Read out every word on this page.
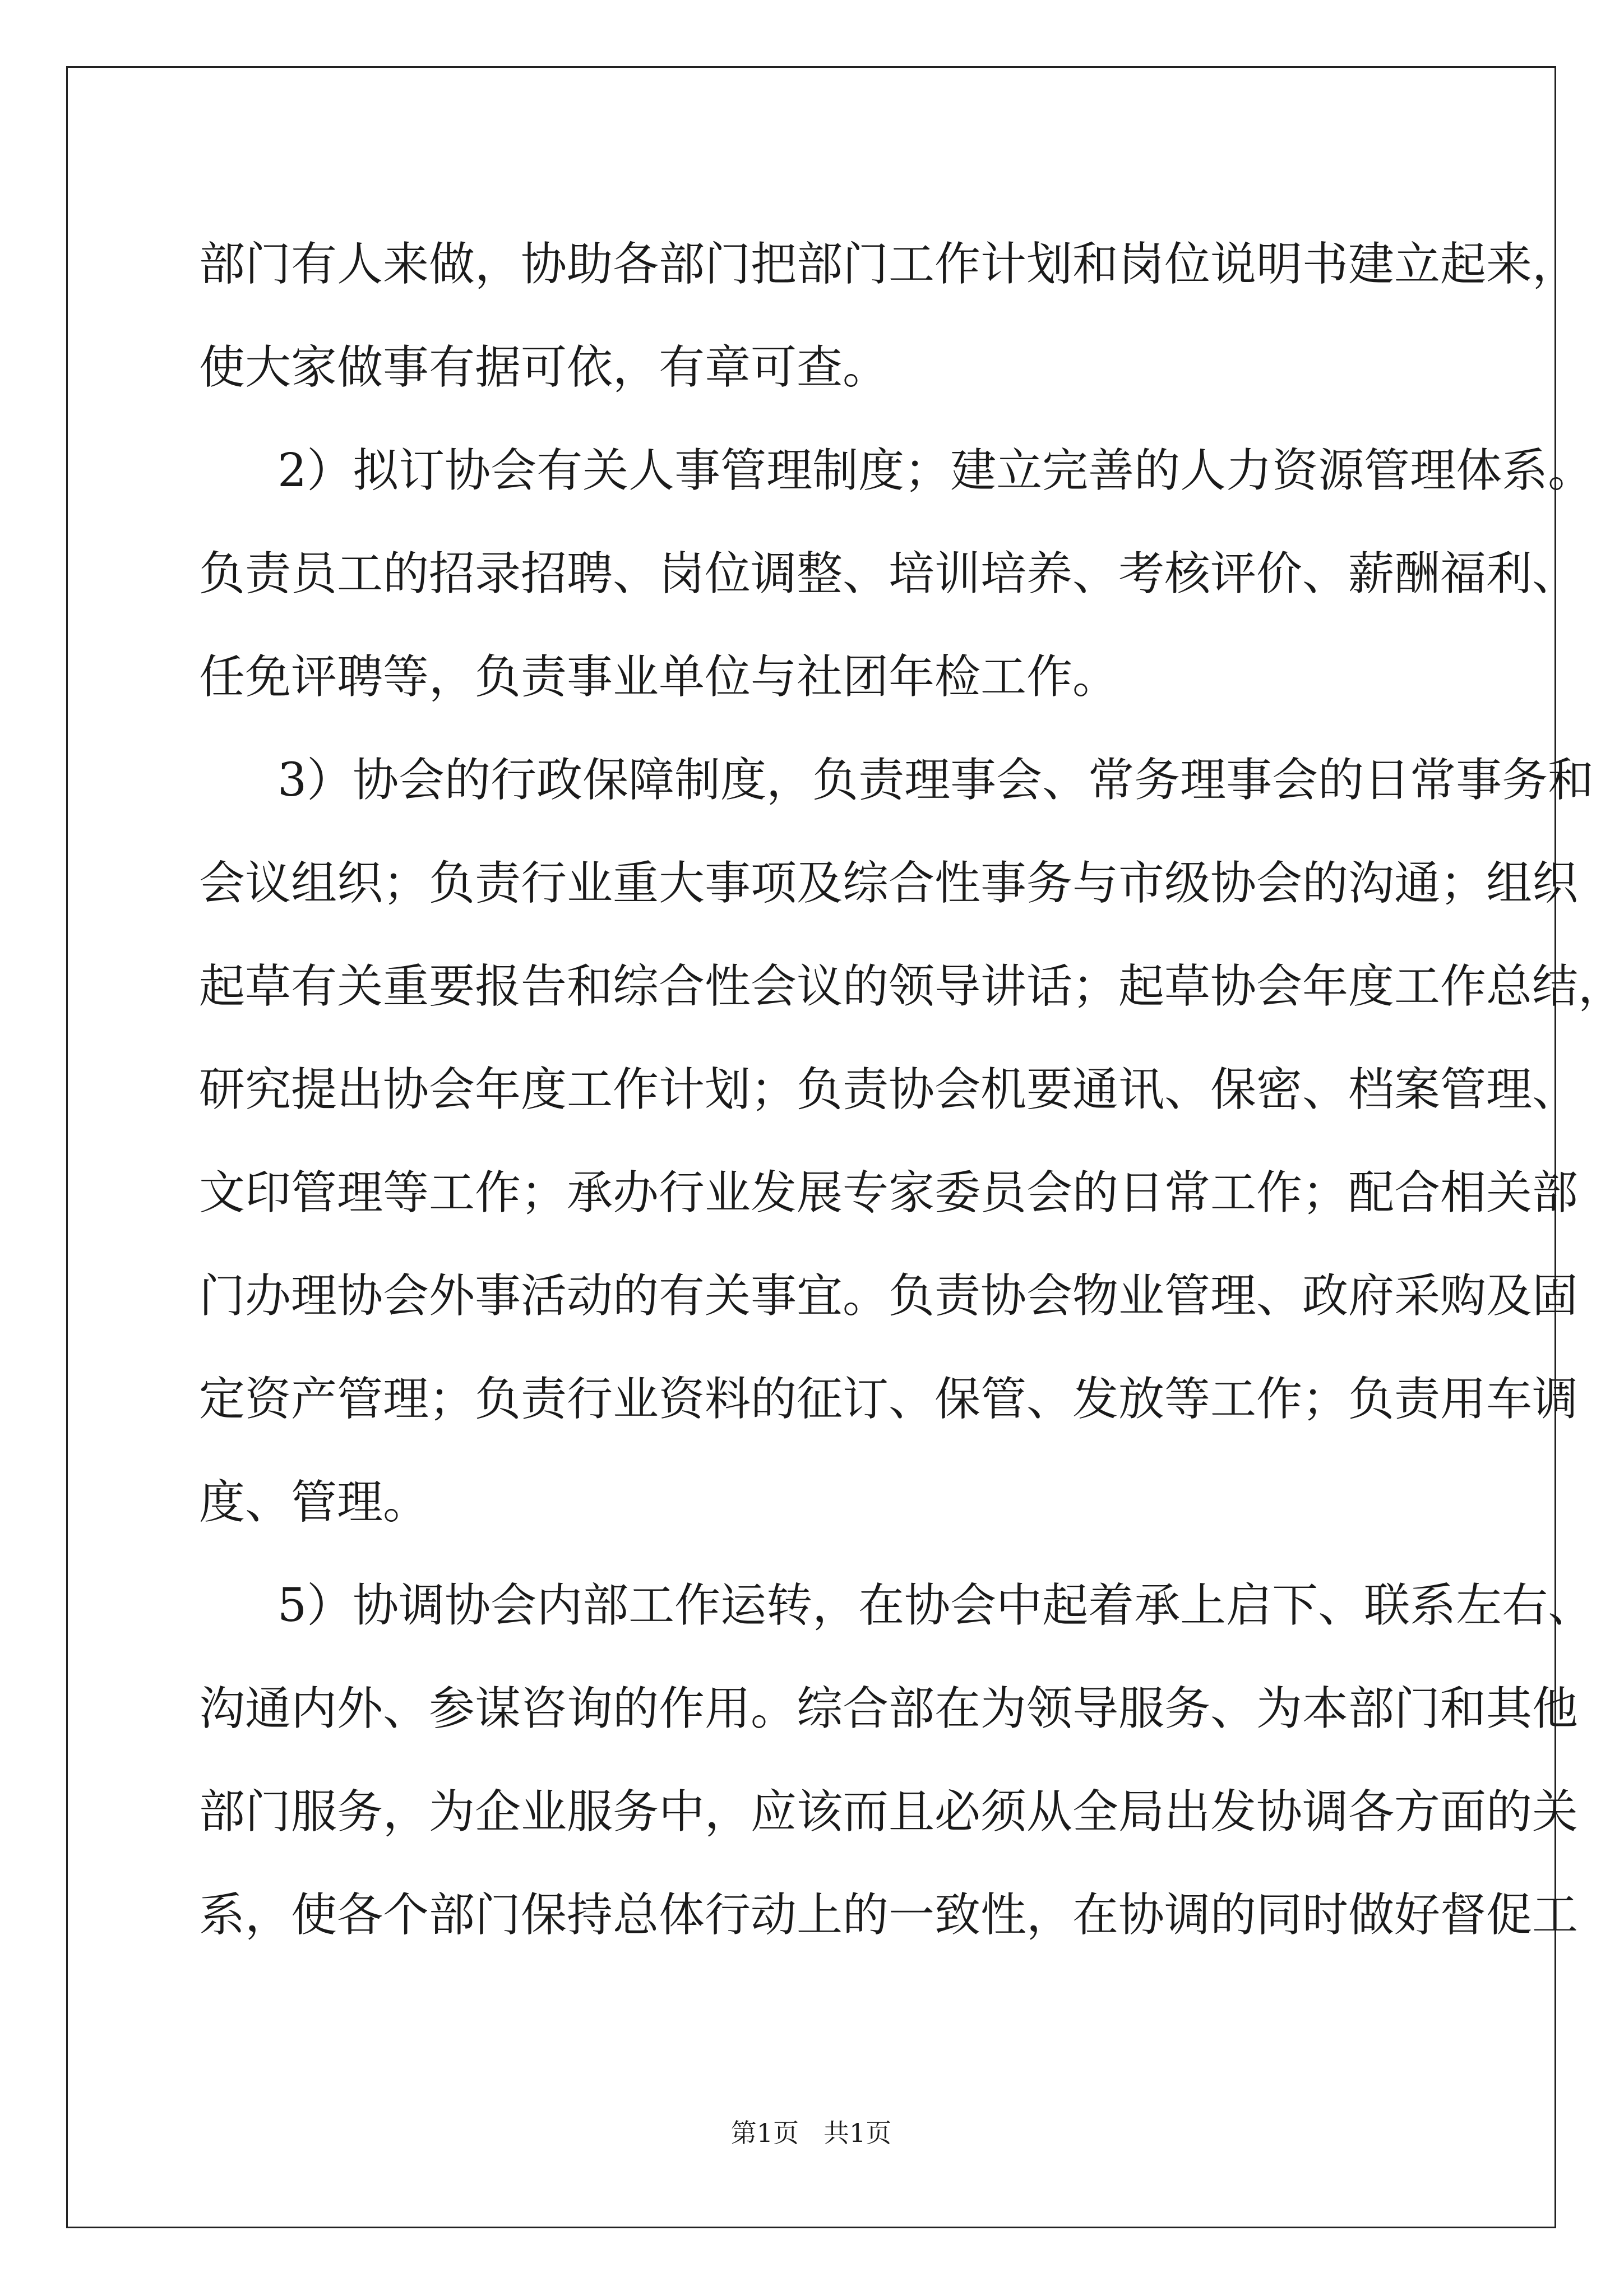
部门有人来做，协助各部门把部门工作计划和岗位说明书建立起来，
使大家做事有据可依，有章可查。
2）拟订协会有关人事管理制度；建立完善的人力资源管理体系。
负责员工的招录招聘、岗位调整、培训培养、考核评价、薪酬福利、
任免评聘等，负责事业单位与社团年检工作。
3）协会的行政保障制度，负责理事会、常务理事会的日常事务和
会议组织；负责行业重大事项及综合性事务与市级协会的沟通；组织
起草有关重要报告和综合性会议的领导讲话；起草协会年度工作总结，
研究提出协会年度工作计划；负责协会机要通讯、保密、档案管理、
文印管理等工作；承办行业发展专家委员会的日常工作；配合相关部
门办理协会外事活动的有关事宜。负责协会物业管理、政府采购及固
定资产管理；负责行业资料的征订、保管、发放等工作；负责用车调
度、管理。
5）协调协会内部工作运转，在协会中起着承上启下、联系左右、
沟通内外、参谋咨询的作用。综合部在为领导服务、为本部门和其他
部门服务，为企业服务中，应该而且必须从全局出发协调各方面的关
系，使各个部门保持总体行动上的一致性，在协调的同时做好督促工
第1页 共1页
